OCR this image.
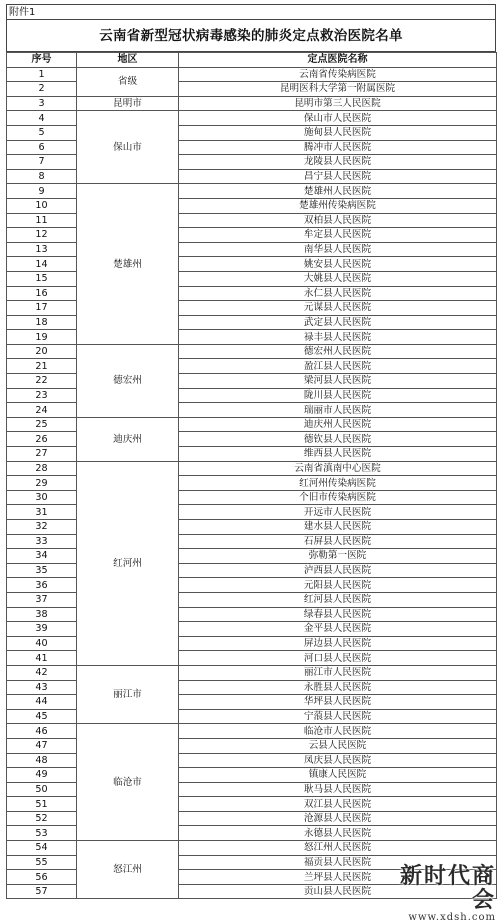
附件1
云南省新型冠状病毒感染的肺炎定点救治医院名单
序号	地区	定点医院名称
1	省级	云南省传染病医院
2		昆明医科大学第一附属医院
3	昆明市	昆明市第三人民医院
4	保山市	保山市人民医院
5		施甸县人民医院
6		腾冲市人民医院
7		龙陵县人民医院
8		昌宁县人民医院
9	楚雄州	楚雄州人民医院
10		楚雄州传染病医院
11		双柏县人民医院
12		牟定县人民医院
13		南华县人民医院
14		姚安县人民医院
15		大姚县人民医院
16		永仁县人民医院
17		元谋县人民医院
18		武定县人民医院
19		禄丰县人民医院
20	德宏州	德宏州人民医院
21		盈江县人民医院
22		梁河县人民医院
23		陇川县人民医院
24		瑞丽市人民医院
25	迪庆州	迪庆州人民医院
26		德钦县人民医院
27		维西县人民医院
28	红河州	云南省滇南中心医院
29		红河州传染病医院
30		个旧市传染病医院
31		开远市人民医院
32		建水县人民医院
33		石屏县人民医院
34		弥勒第一医院
35		泸西县人民医院
36		元阳县人民医院
37		红河县人民医院
38		绿春县人民医院
39		金平县人民医院
40		屏边县人民医院
41		河口县人民医院
42	丽江市	丽江市人民医院
43		永胜县人民医院
44		华坪县人民医院
45		宁蒗县人民医院
46	临沧市	临沧市人民医院
47		云县人民医院
48		凤庆县人民医院
49		镇康人民医院
50		耿马县人民医院
51		双江县人民医院
52		沧源县人民医院
53		永德县人民医院
54	怒江州	怒江州人民医院
55		福贡县人民医院
56		兰坪县人民医院
57		贡山县人民医院
新时代商会
www.xdsh.com
